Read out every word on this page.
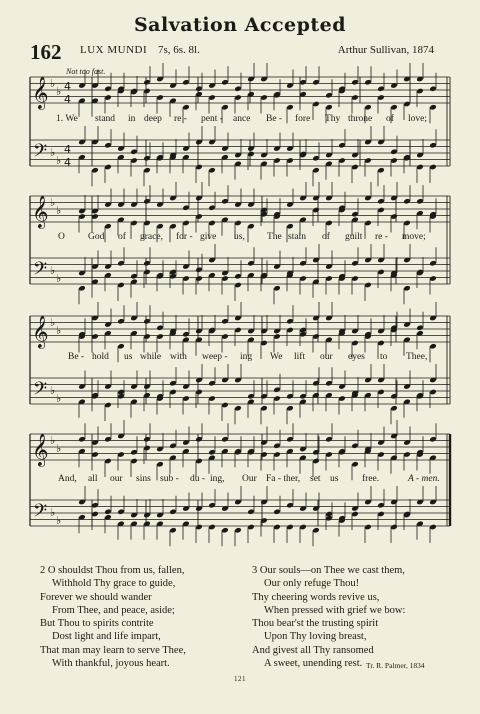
Salvation Accepted
162 LUX MUNDI 7s, 6s. 8l.	Arthur Sullivan, 1874
Not too fast.
𝄞
𝄢
♭
♭
♭
♭
4
4
4
4
𝄞
𝄢
♭
♭
♭
♭
𝄞
𝄢
♭
♭
♭
♭
𝄞
𝄢
♭
♭
♭
♭
1. We stand in deep re - pent - ance Be - fore Thy throne of love;
O God of grace, for - give us, The stain of guilt re - move;
Be - hold us while with weep - ing We lift our eyes to Thee,
And, all our sins sub - du - ing, Our Fa - ther, set us free.	A - men.
2 O shouldst Thou from us, fallen,
Withhold Thy grace to guide,
Forever we should wander
From Thee, and peace, aside;
But Thou to spirits contrite
Dost light and life impart,
That man may learn to serve Thee,
With thankful, joyous heart.
3 Our souls—on Thee we cast them,
Our only refuge Thou!
Thy cheering words revive us,
When pressed with grief we bow:
Thou bear'st the trusting spirit
Upon Thy loving breast,
And givest all Thy ransomed
A sweet, unending rest. Tr. R. Palmer, 1834
121
